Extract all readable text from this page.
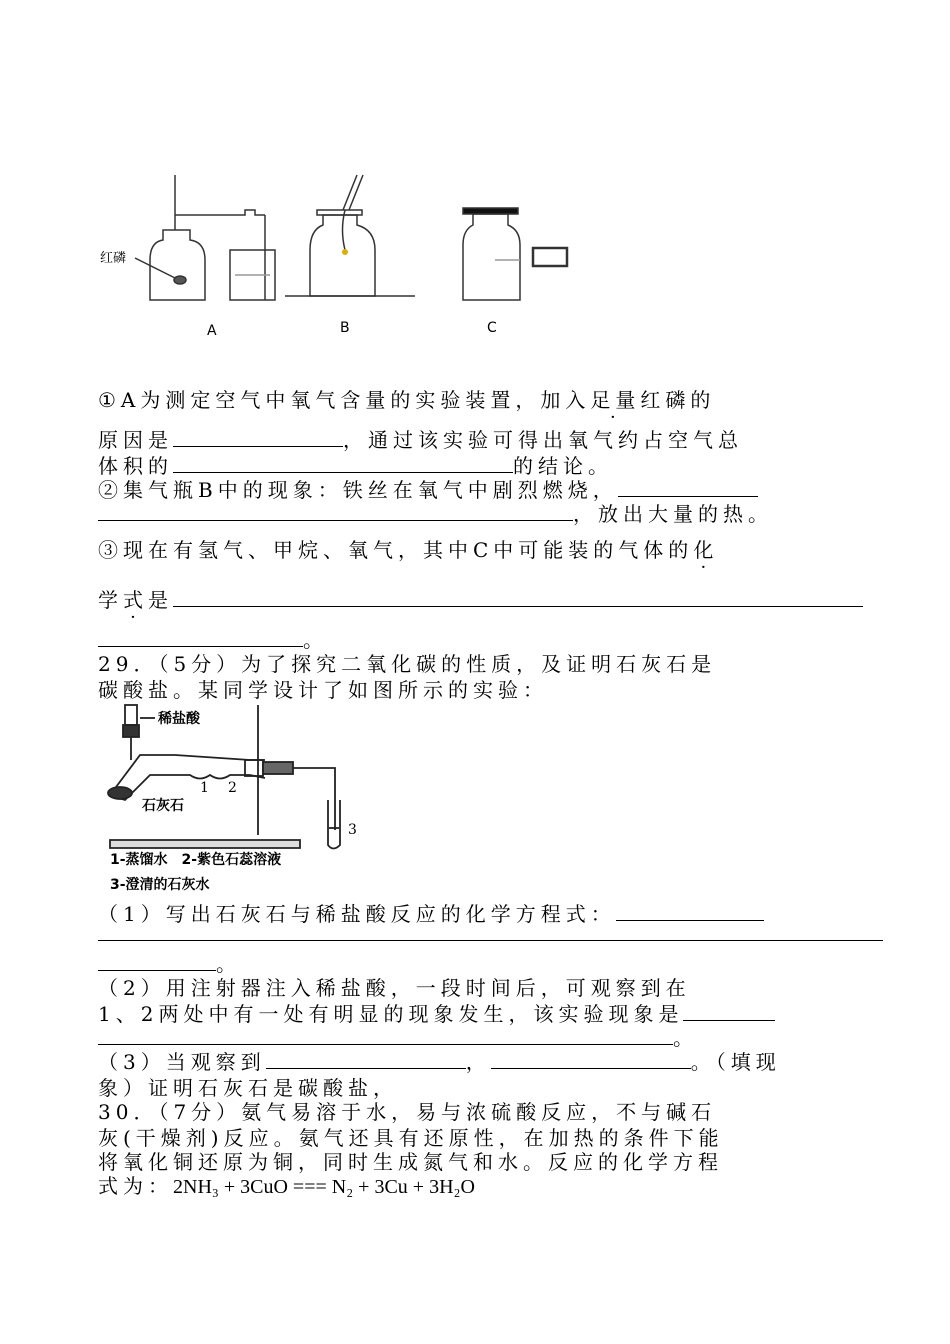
红磷
A	B	C
①A为测定空气中氧气含量的实验装置，加入足量红磷的
原因是	，通过该实验可得出氧气约占空气总
体积的	的结论。
②集气瓶B中的现象：铁丝在氧气中剧烈燃烧，
，放出大量的热。
③现在有氢气、甲烷、氧气，其中C中可能装的气体的化
学式是
。
29．（5分）为了探究二氧化碳的性质，及证明石灰石是
碳酸盐。某同学设计了如图所示的实验：
稀盐酸
1 2
3
石灰石
1-蒸馏水　2-紫色石蕊溶液
3-澄清的石灰水
（1）写出石灰石与稀盐酸反应的化学方程式：
。
（2）用注射器注入稀盐酸，一段时间后，可观察到在
1、2两处中有一处有明显的现象发生，该实验现象是
。
（3）当观察到	，	。（填现
象）证明石灰石是碳酸盐，
30．（7分）氨气易溶于水，易与浓硫酸反应，不与碱石
灰(干燥剂)反应。氨气还具有还原性，在加热的条件下能
将氧化铜还原为铜，同时生成氮气和水。反应的化学方程
式为：2NH₃ + 3CuO === N₂ + 3Cu + 3H₂O
